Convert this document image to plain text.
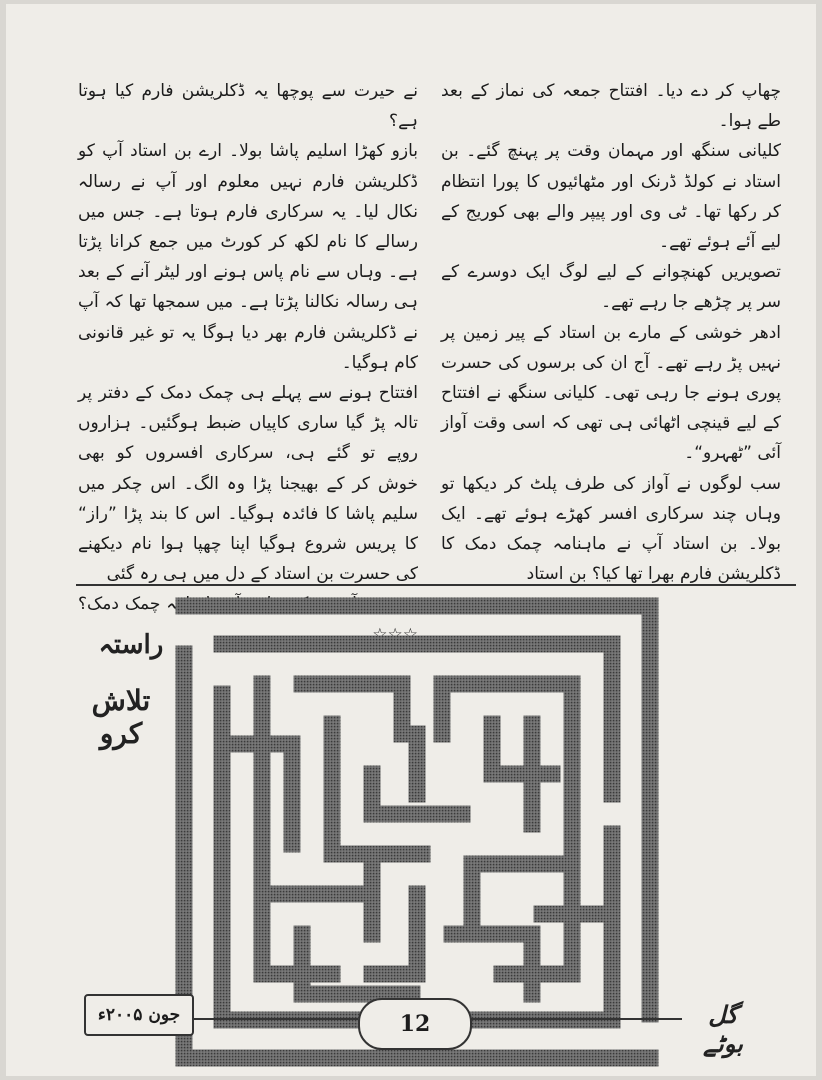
چھاپ کر دے دیا۔ افتتاح جمعہ کی نماز کے بعد طے ہوا۔

کلیانی سنگھ اور مہمان وقت پر پہنچ گئے۔ بن استاد نے کولڈ ڈرنک اور مٹھائیوں کا پورا انتظام کر رکھا تھا۔ ٹی وی اور پیپر والے بھی کوریج کے لیے آئے ہوئے تھے۔

تصویریں کھنچوانے کے لیے لوگ ایک دوسرے کے سر پر چڑھے جا رہے تھے۔

ادھر خوشی کے مارے بن استاد کے پیر زمین پر نہیں پڑ رہے تھے۔ آج ان کی برسوں کی حسرت پوری ہونے جا رہی تھی۔ کلیانی سنگھ نے افتتاح کے لیے قینچی اٹھائی ہی تھی کہ اسی وقت آواز آئی ”ٹھہرو“۔

سب لوگوں نے آواز کی طرف پلٹ کر دیکھا تو وہاں چند سرکاری افسر کھڑے ہوئے تھے۔ ایک بولا۔ بن استاد آپ نے ماہنامہ چمک دمک کا ڈکلریشن فارم بھرا تھا کیا؟ بن استاد

نے حیرت سے پوچھا یہ ڈکلریشن فارم کیا ہوتا ہے؟

بازو کھڑا اسلیم پاشا بولا۔ ارے بن استاد آپ کو ڈکلریشن فارم نہیں معلوم اور آپ نے رسالہ نکال لیا۔ یہ سرکاری فارم ہوتا ہے۔ جس میں رسالے کا نام لکھ کر کورٹ میں جمع کرانا پڑتا ہے۔ وہاں سے نام پاس ہونے اور لیٹر آنے کے بعد ہی رسالہ نکالنا پڑتا ہے۔ میں سمجھا تھا کہ آپ نے ڈکلریشن فارم بھر دیا ہوگا یہ تو غیر قانونی کام ہوگیا۔

افتتاح ہونے سے پہلے ہی چمک دمک کے دفتر پر تالہ پڑ گیا ساری کاپیاں ضبط ہوگئیں۔ ہزاروں روپے تو گئے ہی، سرکاری افسروں کو بھی خوش کر کے بھیجنا پڑا وہ الگ۔ اس چکر میں سلیم پاشا کا فائدہ ہوگیا۔ اس کا بند پڑا ”راز“ کا پریس شروع ہوگیا اپنا چھپا ہوا نام دیکھنے کی حسرت بن استاد کے دل میں ہی رہ گئی

وہ سرد آہ بھر کر بولے۔ آہ ماہنامہ چمک دمک؟ ☆☆☆

راستہ
تلاش کرو
جون ۲۰۰۵ء	12	گل بوٹے
